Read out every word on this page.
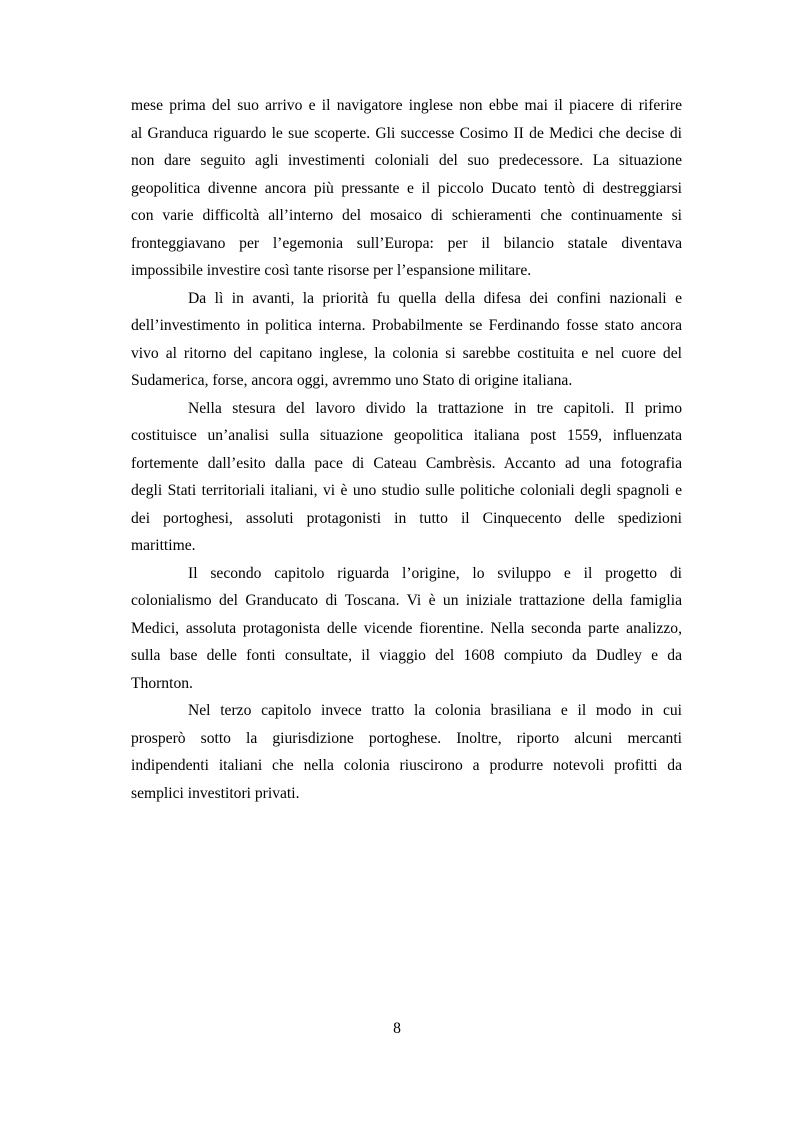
mese prima del suo arrivo e il navigatore inglese non ebbe mai il piacere di riferire
al Granduca riguardo le sue scoperte. Gli successe Cosimo II de Medici che decise di
non dare seguito agli investimenti coloniali del suo predecessore. La situazione
geopolitica divenne ancora più pressante e il piccolo Ducato tentò di destreggiarsi
con varie difficoltà all’interno del mosaico di schieramenti che continuamente si
fronteggiavano per l’egemonia sull’Europa: per il bilancio statale diventava
impossibile investire così tante risorse per l’espansione militare.
Da lì in avanti, la priorità fu quella della difesa dei confini nazionali e
dell’investimento in politica interna. Probabilmente se Ferdinando fosse stato ancora
vivo al ritorno del capitano inglese, la colonia si sarebbe costituita e nel cuore del
Sudamerica, forse, ancora oggi, avremmo uno Stato di origine italiana.
Nella stesura del lavoro divido la trattazione in tre capitoli. Il primo
costituisce un’analisi sulla situazione geopolitica italiana post 1559, influenzata
fortemente dall’esito dalla pace di Cateau Cambrèsis. Accanto ad una fotografia
degli Stati territoriali italiani, vi è uno studio sulle politiche coloniali degli spagnoli e
dei portoghesi, assoluti protagonisti in tutto il Cinquecento delle spedizioni
marittime.
Il secondo capitolo riguarda l’origine, lo sviluppo e il progetto di
colonialismo del Granducato di Toscana. Vi è un iniziale trattazione della famiglia
Medici, assoluta protagonista delle vicende fiorentine. Nella seconda parte analizzo,
sulla base delle fonti consultate, il viaggio del 1608 compiuto da Dudley e da
Thornton.
Nel terzo capitolo invece tratto la colonia brasiliana e il modo in cui
prosperò sotto la giurisdizione portoghese. Inoltre, riporto alcuni mercanti
indipendenti italiani che nella colonia riuscirono a produrre notevoli profitti da
semplici investitori privati.
8
